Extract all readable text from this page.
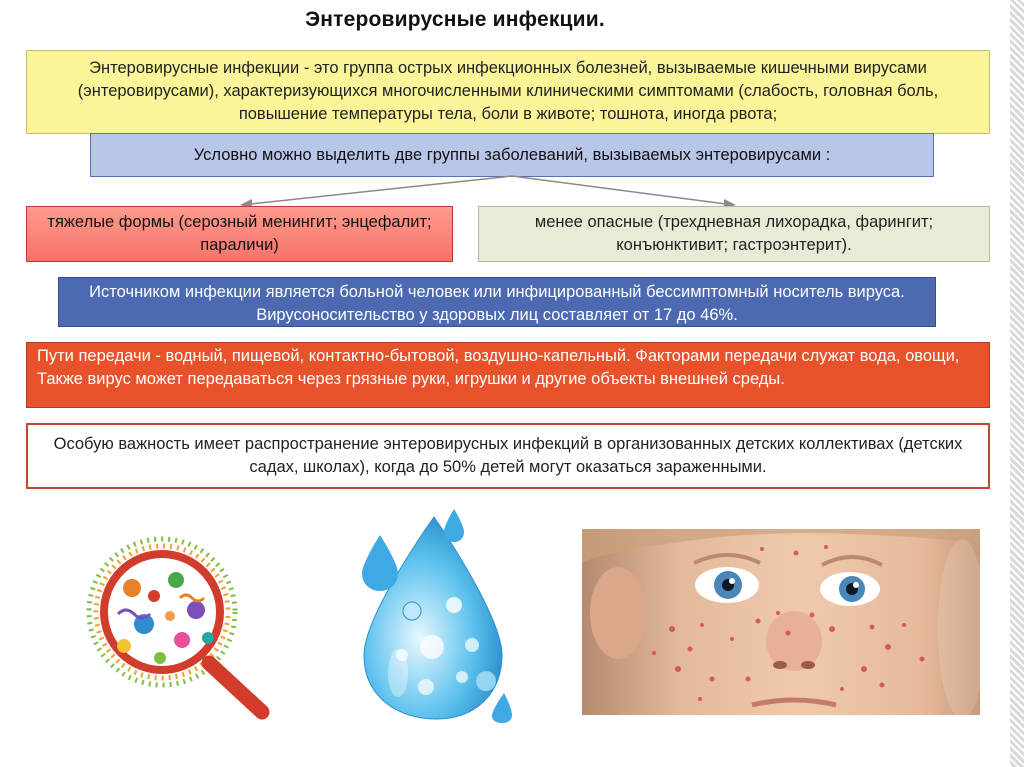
Энтеровирусные инфекции.
Энтеровирусные инфекции - это группа острых инфекционных болезней, вызываемые кишечными вирусами (энтеровирусами), характеризующихся многочисленными клиническими симптомами (слабость, головная боль, повышение температуры тела, боли в животе; тошнота, иногда рвота;
Условно можно выделить две группы заболеваний, вызываемых энтеровирусами :
тяжелые формы (серозный менингит; энцефалит; параличи)
менее опасные (трехдневная лихорадка, фарингит; конъюнктивит; гастроэнтерит).
Источником инфекции является больной человек или инфицированный бессимптомный носитель вируса. Вирусоносительство у здоровых лиц составляет от 17 до 46%.
Пути передачи - водный, пищевой, контактно-бытовой, воздушно-капельный. Факторами передачи служат вода, овощи, Также вирус может передаваться через грязные руки, игрушки и другие объекты внешней среды.
Особую важность имеет распространение энтеровирусных инфекций в организованных детских коллективах (детских садах, школах), когда до 50% детей могут оказаться зараженными.
